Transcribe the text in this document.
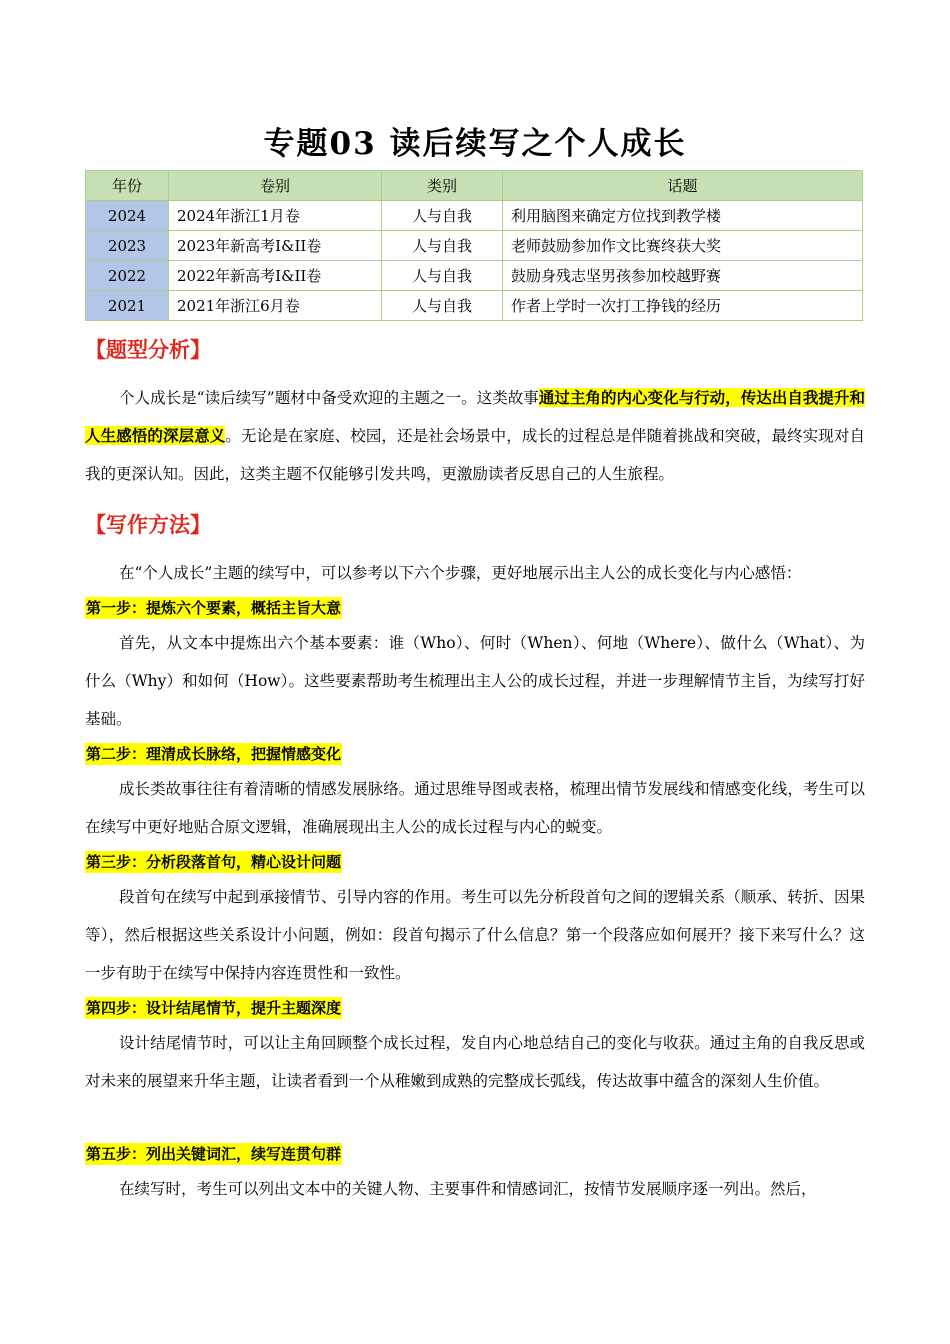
专题03 读后续写之个人成长
年份	卷别	类别	话题
2024	2024年浙江1月卷	人与自我	利用脑图来确定方位找到教学楼
2023	2023年新高考I&II卷	人与自我	老师鼓励参加作文比赛终获大奖
2022	2022年新高考I&II卷	人与自我	鼓励身残志坚男孩参加校越野赛
2021	2021年浙江6月卷	人与自我	作者上学时一次打工挣钱的经历
【题型分析】

个人成长是“读后续写”题材中备受欢迎的主题之一。这类故事通过主角的内心变化与行动，传达出自我提升和人生感悟的深层意义。无论是在家庭、校园，还是社会场景中，成长的过程总是伴随着挑战和突破，最终实现对自我的更深认知。因此，这类主题不仅能够引发共鸣，更激励读者反思自己的人生旅程。

【写作方法】

在“个人成长”主题的续写中，可以参考以下六个步骤，更好地展示出主人公的成长变化与内心感悟：

第一步：提炼六个要素，概括主旨大意

首先，从文本中提炼出六个基本要素：谁（Who）、何时（When）、何地（Where）、做什么（What）、为什么（Why）和如何（How）。这些要素帮助考生梳理出主人公的成长过程，并进一步理解情节主旨，为续写打好基础。

第二步：理清成长脉络，把握情感变化

成长类故事往往有着清晰的情感发展脉络。通过思维导图或表格，梳理出情节发展线和情感变化线，考生可以在续写中更好地贴合原文逻辑，准确展现出主人公的成长过程与内心的蜕变。

第三步：分析段落首句，精心设计问题

段首句在续写中起到承接情节、引导内容的作用。考生可以先分析段首句之间的逻辑关系（顺承、转折、因果等），然后根据这些关系设计小问题，例如：段首句揭示了什么信息？第一个段落应如何展开？接下来写什么？这一步有助于在续写中保持内容连贯性和一致性。

第四步：设计结尾情节，提升主题深度

设计结尾情节时，可以让主角回顾整个成长过程，发自内心地总结自己的变化与收获。通过主角的自我反思或对未来的展望来升华主题，让读者看到一个从稚嫩到成熟的完整成长弧线，传达故事中蕴含的深刻人生价值。

第五步：列出关键词汇，续写连贯句群

在续写时，考生可以列出文本中的关键人物、主要事件和情感词汇，按情节发展顺序逐一列出。然后，
